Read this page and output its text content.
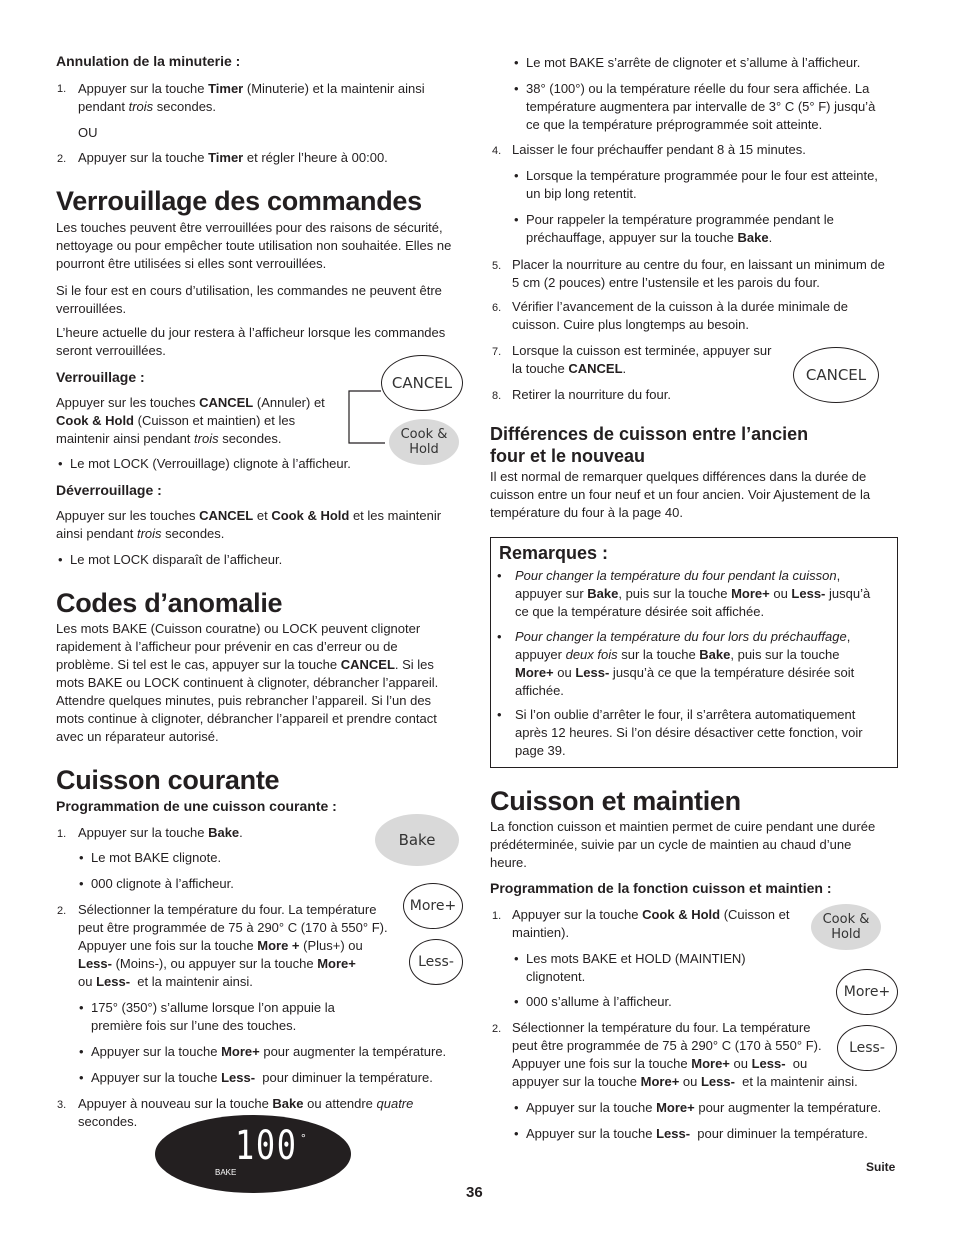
Annulation de la minuterie :
1. Appuyer sur la touche Timer (Minuterie) et la maintenir ainsi
pendant trois secondes.
OU
2. Appuyer sur la touche Timer et régler l’heure à 00:00.
Verrouillage des commandes
Les touches peuvent être verrouillées pour des raisons de sécurité,
nettoyage ou pour empêcher toute utilisation non souhaitée. Elles ne
pourront être utilisées si elles sont verrouillées.
Si le four est en cours d’utilisation, les commandes ne peuvent être
verrouillées.
L’heure actuelle du jour restera à l’afficheur lorsque les commandes
seront verrouillées.
Verrouillage :
Appuyer sur les touches CANCEL (Annuler) et
Cook & Hold (Cuisson et maintien) et les
maintenir ainsi pendant trois secondes.
• Le mot LOCK (Verrouillage) clignote à l’afficheur.
Déverrouillage :
Appuyer sur les touches CANCEL et Cook & Hold et les maintenir
ainsi pendant trois secondes.
• Le mot LOCK disparaît de l’afficheur.
Codes d’anomalie
Les mots BAKE (Cuisson couratne) ou LOCK peuvent clignoter
rapidement à l’afficheur pour prévenir en cas d’erreur ou de
problème. Si tel est le cas, appuyer sur la touche CANCEL. Si les
mots BAKE ou LOCK continuent à clignoter, débrancher l’appareil.
Attendre quelques minutes, puis rebrancher l’appareil. Si l’un des
mots continue à clignoter, débrancher l’appareil et prendre contact
avec un réparateur autorisé.
Cuisson courante
Programmation de une cuisson courante :
1. Appuyer sur la touche Bake.
• Le mot BAKE clignote.
• 000 clignote à l’afficheur.
2. Sélectionner la température du four. La température
peut être programmée de 75 à 290° C (170 à 550° F).
Appuyer une fois sur la touche More + (Plus+) ou
Less- (Moins-), ou appuyer sur la touche More+
ou Less-  et la maintenir ainsi.
• 175° (350°) s’allume lorsque l’on appuie la
première fois sur l’une des touches.
• Appuyer sur la touche More+ pour augmenter la température.
• Appuyer sur la touche Less-  pour diminuer la température.
3. Appuyer à nouveau sur la touche Bake ou attendre quatre
secondes.
CANCEL
Cook &
Hold
Bake
More+
Less-
100 °
BAKE
• Le mot BAKE s’arrête de clignoter et s’allume à l’afficheur.
• 38° (100°) ou la température réelle du four sera affichée. La
température augmentera par intervalle de 3° C (5° F) jusqu’à
ce que la température préprogrammée soit atteinte.
4. Laisser le four préchauffer pendant 8 à 15 minutes.
• Lorsque la température programmée pour le four est atteinte,
un bip long retentit.
• Pour rappeler la température programmée pendant le
préchauffage, appuyer sur la touche Bake.
5. Placer la nourriture au centre du four, en laissant un minimum de
5 cm (2 pouces) entre l’ustensile et les parois du four.
6. Vérifier l’avancement de la cuisson à la durée minimale de
cuisson. Cuire plus longtemps au besoin.
7. Lorsque la cuisson est terminée, appuyer sur
la touche CANCEL.
8. Retirer la nourriture du four.
Différences de cuisson entre l’ancien
four et le nouveau
Il est normal de remarquer quelques différences dans la durée de
cuisson entre un four neuf et un four ancien. Voir Ajustement de la
température du four à la page 40.
Remarques :
• Pour changer la température du four pendant la cuisson,
appuyer sur Bake, puis sur la touche More+ ou Less- jusqu’à
ce que la température désirée soit affichée.
• Pour changer la température du four lors du préchauffage,
appuyer deux fois sur la touche Bake, puis sur la touche
More+ ou Less- jusqu’à ce que la température désirée soit
affichée.
• Si l’on oublie d’arrêter le four, il s’arrêtera automatiquement
après 12 heures. Si l’on désire désactiver cette fonction, voir
page 39.
Cuisson et maintien
La fonction cuisson et maintien permet de cuire pendant une durée
prédéterminée, suivie par un cycle de maintien au chaud d’une
heure.
Programmation de la fonction cuisson et maintien :
1. Appuyer sur la touche Cook & Hold (Cuisson et
maintien).
• Les mots BAKE et HOLD (MAINTIEN)
clignotent.
• 000 s’allume à l’afficheur.
2. Sélectionner la température du four. La température
peut être programmée de 75 à 290° C (170 à 550° F).
Appuyer une fois sur la touche More+ ou Less-  ou
appuyer sur la touche More+ ou Less-  et la maintenir ainsi.
• Appuyer sur la touche More+ pour augmenter la température.
• Appuyer sur la touche Less-  pour diminuer la température.
Suite
CANCEL
Cook &
Hold
More+
Less-
36
